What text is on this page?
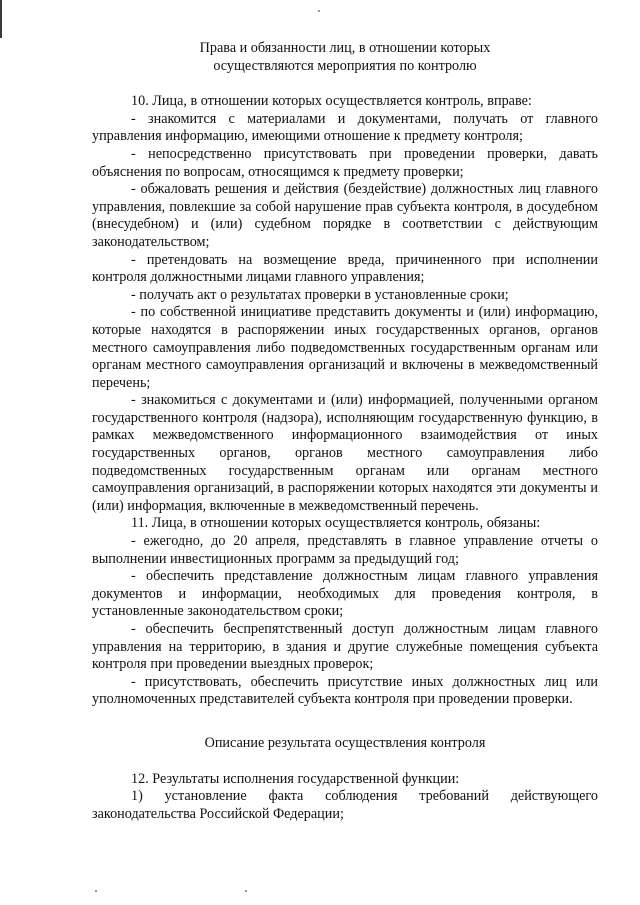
Права и обязанности лиц, в отношении которых
осуществляются мероприятия по контролю

10. Лица, в отношении которых осуществляется контроль, вправе:

- знакомится с материалами и документами, получать от главного управления информацию, имеющими отношение к предмету контроля;

- непосредственно присутствовать при проведении проверки, давать объяснения по вопросам, относящимся к предмету проверки;

- обжаловать решения и действия (бездействие) должностных лиц главного управления, повлекшие за собой нарушение прав субъекта контроля, в досудебном (внесудебном) и (или) судебном порядке в соответствии с действующим законодательством;

- претендовать на возмещение вреда, причиненного при исполнении контроля должностными лицами главного управления;

- получать акт о результатах проверки в установленные сроки;

- по собственной инициативе представить документы и (или) информацию, которые находятся в распоряжении иных государственных органов, органов местного самоуправления либо подведомственных государственным органам или органам местного самоуправления организаций и включены в межведомственный перечень;

- знакомиться с документами и (или) информацией, полученными органом государственного контроля (надзора), исполняющим государственную функцию, в рамках межведомственного информационного взаимодействия от иных государственных органов, органов местного самоуправления либо подведомственных государственным органам или органам местного самоуправления организаций, в распоряжении которых находятся эти документы и (или) информация, включенные в межведомственный перечень.

11. Лица, в отношении которых осуществляется контроль, обязаны:

- ежегодно, до 20 апреля, представлять в главное управление отчеты о выполнении инвестиционных программ за предыдущий год;

- обеспечить представление должностным лицам главного управления документов и информации, необходимых для проведения контроля, в установленные законодательством сроки;

- обеспечить беспрепятственный доступ должностным лицам главного управления на территорию, в здания и другие служебные помещения субъекта контроля при проведении выездных проверок;

- присутствовать, обеспечить присутствие иных должностных лиц или уполномоченных представителей субъекта контроля при проведении проверки.

Описание результата осуществления контроля

12. Результаты исполнения государственной функции:

1) установление факта соблюдения требований действующего законодательства Российской Федерации;
